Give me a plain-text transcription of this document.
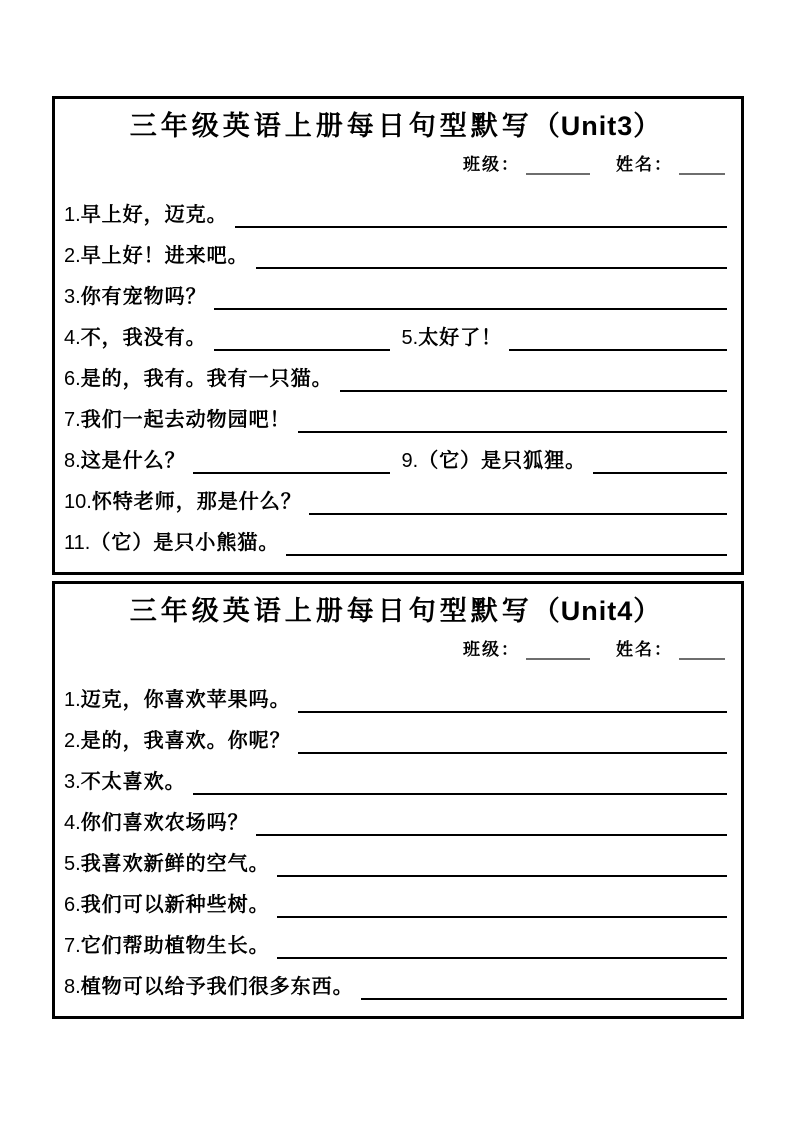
三年级英语上册每日句型默写（Unit3）
班级：	姓名：
1. 早上好，迈克。
2. 早上好！进来吧。
3. 你有宠物吗？
4. 不，我没有。	5. 太好了！
6. 是的，我有。我有一只猫。
7. 我们一起去动物园吧！
8. 这是什么？	9. （它）是只狐狸。
10. 怀特老师，那是什么？
11. （它）是只小熊猫。
三年级英语上册每日句型默写（Unit4）
班级：	姓名：
1. 迈克，你喜欢苹果吗。
2. 是的，我喜欢。你呢？
3. 不太喜欢。
4. 你们喜欢农场吗？
5. 我喜欢新鲜的空气。
6. 我们可以新种些树。
7. 它们帮助植物生长。
8. 植物可以给予我们很多东西。
